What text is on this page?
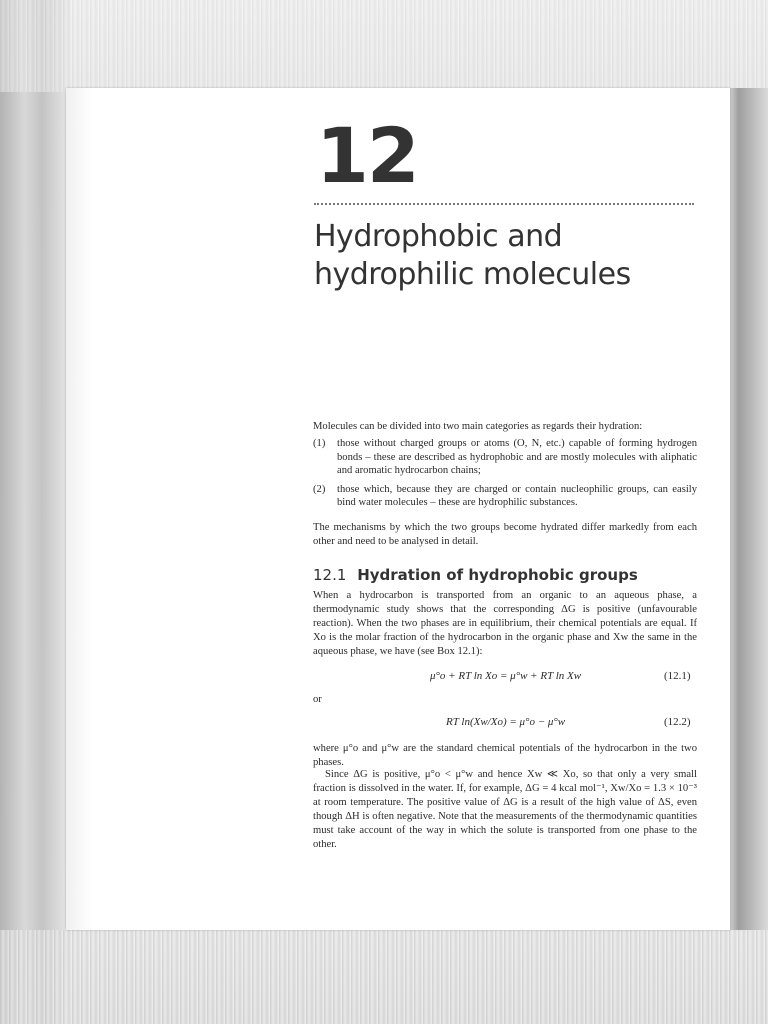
12
Hydrophobic and
hydrophilic molecules
Molecules can be divided into two main categories as regards their hydration:
(1) those without charged groups or atoms (O, N, etc.) capable of forming hydrogen bonds – these are described as hydrophobic and are mostly molecules with aliphatic and aromatic hydrocarbon chains;
(2) those which, because they are charged or contain nucleophilic groups, can easily bind water molecules – these are hydrophilic substances.
The mechanisms by which the two groups become hydrated differ markedly from each other and need to be analysed in detail.
12.1 Hydration of hydrophobic groups
When a hydrocarbon is transported from an organic to an aqueous phase, a thermodynamic study shows that the corresponding ΔG is positive (unfavourable reaction). When the two phases are in equilibrium, their chemical potentials are equal. If Xo is the molar fraction of the hydrocarbon in the organic phase and Xw the same in the aqueous phase, we have (see Box 12.1):
μ°o + RT ln Xo = μ°w + RT ln Xw	(12.1)
or
RT ln(Xw/Xo) = μ°o − μ°w	(12.2)
where μ°o and μ°w are the standard chemical potentials of the hydrocarbon in the two phases.
Since ΔG is positive, μ°o < μ°w and hence Xw ≪ Xo, so that only a very small fraction is dissolved in the water. If, for example, ΔG = 4 kcal mol⁻¹, Xw/Xo = 1.3 × 10⁻³ at room temperature. The positive value of ΔG is a result of the high value of ΔS, even though ΔH is often negative. Note that the measurements of the thermodynamic quantities must take account of the way in which the solute is transported from one phase to the other.
